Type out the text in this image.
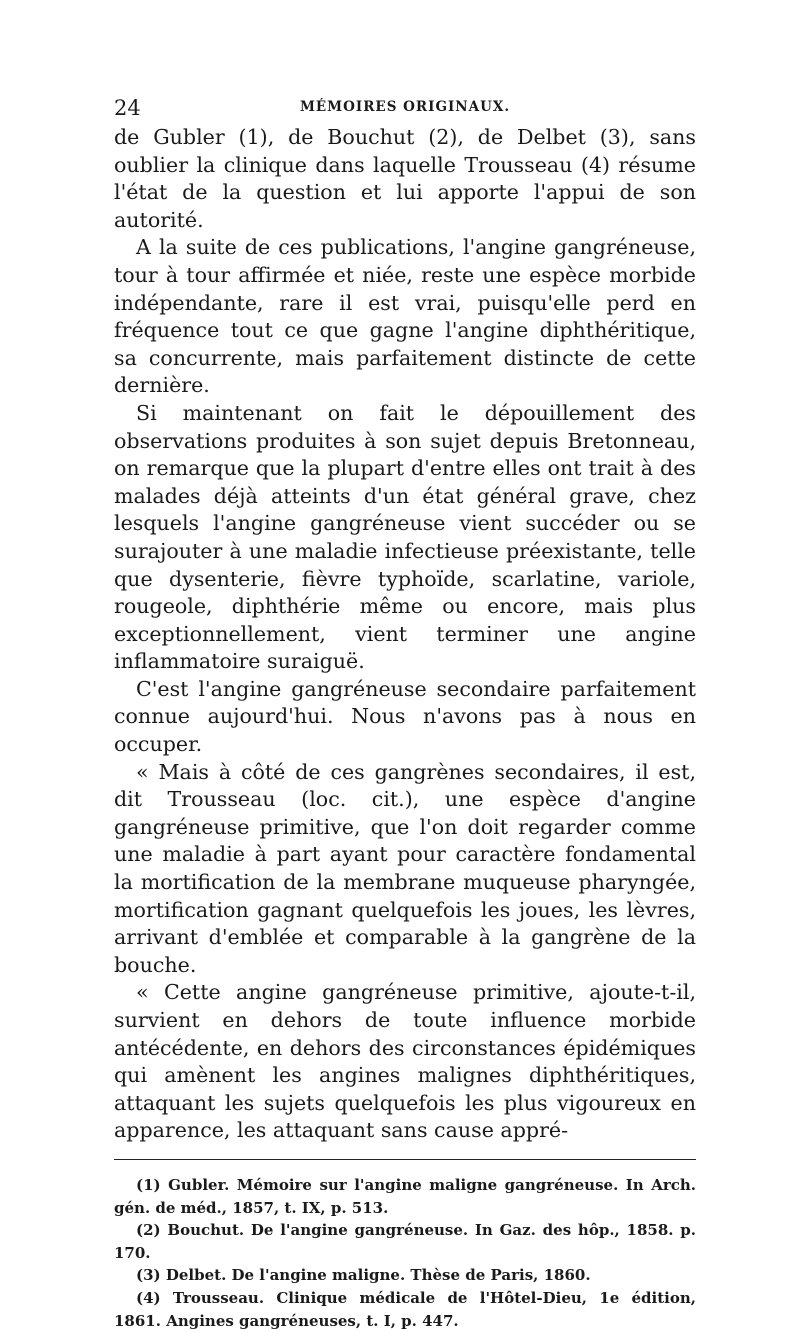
24	MÉMOIRES ORIGINAUX.

de Gubler (1), de Bouchut (2), de Delbet (3), sans oublier la clinique dans laquelle Trousseau (4) résume l'état de la question et lui apporte l'appui de son autorité.

A la suite de ces publications, l'angine gangréneuse, tour à tour affirmée et niée, reste une espèce morbide indépendante, rare il est vrai, puisqu'elle perd en fréquence tout ce que gagne l'angine diphthéritique, sa concurrente, mais parfaitement distincte de cette dernière.

Si maintenant on fait le dépouillement des observations produites à son sujet depuis Bretonneau, on remarque que la plupart d'entre elles ont trait à des malades déjà atteints d'un état général grave, chez lesquels l'angine gangréneuse vient succéder ou se surajouter à une maladie infectieuse préexistante, telle que dysenterie, fièvre typhoïde, scarlatine, variole, rougeole, diphthérie même ou encore, mais plus exceptionnellement, vient terminer une angine inflammatoire suraiguë.

C'est l'angine gangréneuse secondaire parfaitement connue aujourd'hui. Nous n'avons pas à nous en occuper.

« Mais à côté de ces gangrènes secondaires, il est, dit Trousseau (loc. cit.), une espèce d'angine gangréneuse primitive, que l'on doit regarder comme une maladie à part ayant pour caractère fondamental la mortification de la membrane muqueuse pharyngée, mortification gagnant quelquefois les joues, les lèvres, arrivant d'emblée et comparable à la gangrène de la bouche.

« Cette angine gangréneuse primitive, ajoute-t-il, survient en dehors de toute influence morbide antécédente, en dehors des circonstances épidémiques qui amènent les angines malignes diphthéritiques, attaquant les sujets quelquefois les plus vigoureux en apparence, les attaquant sans cause appré-

(1) Gubler. Mémoire sur l'angine maligne gangréneuse. In Arch. gén. de méd., 1857, t. IX, p. 513.

(2) Bouchut. De l'angine gangréneuse. In Gaz. des hôp., 1858. p. 170.

(3) Delbet. De l'angine maligne. Thèse de Paris, 1860.

(4) Trousseau. Clinique médicale de l'Hôtel-Dieu, 1e édition, 1861. Angines gangréneuses, t. I, p. 447.
